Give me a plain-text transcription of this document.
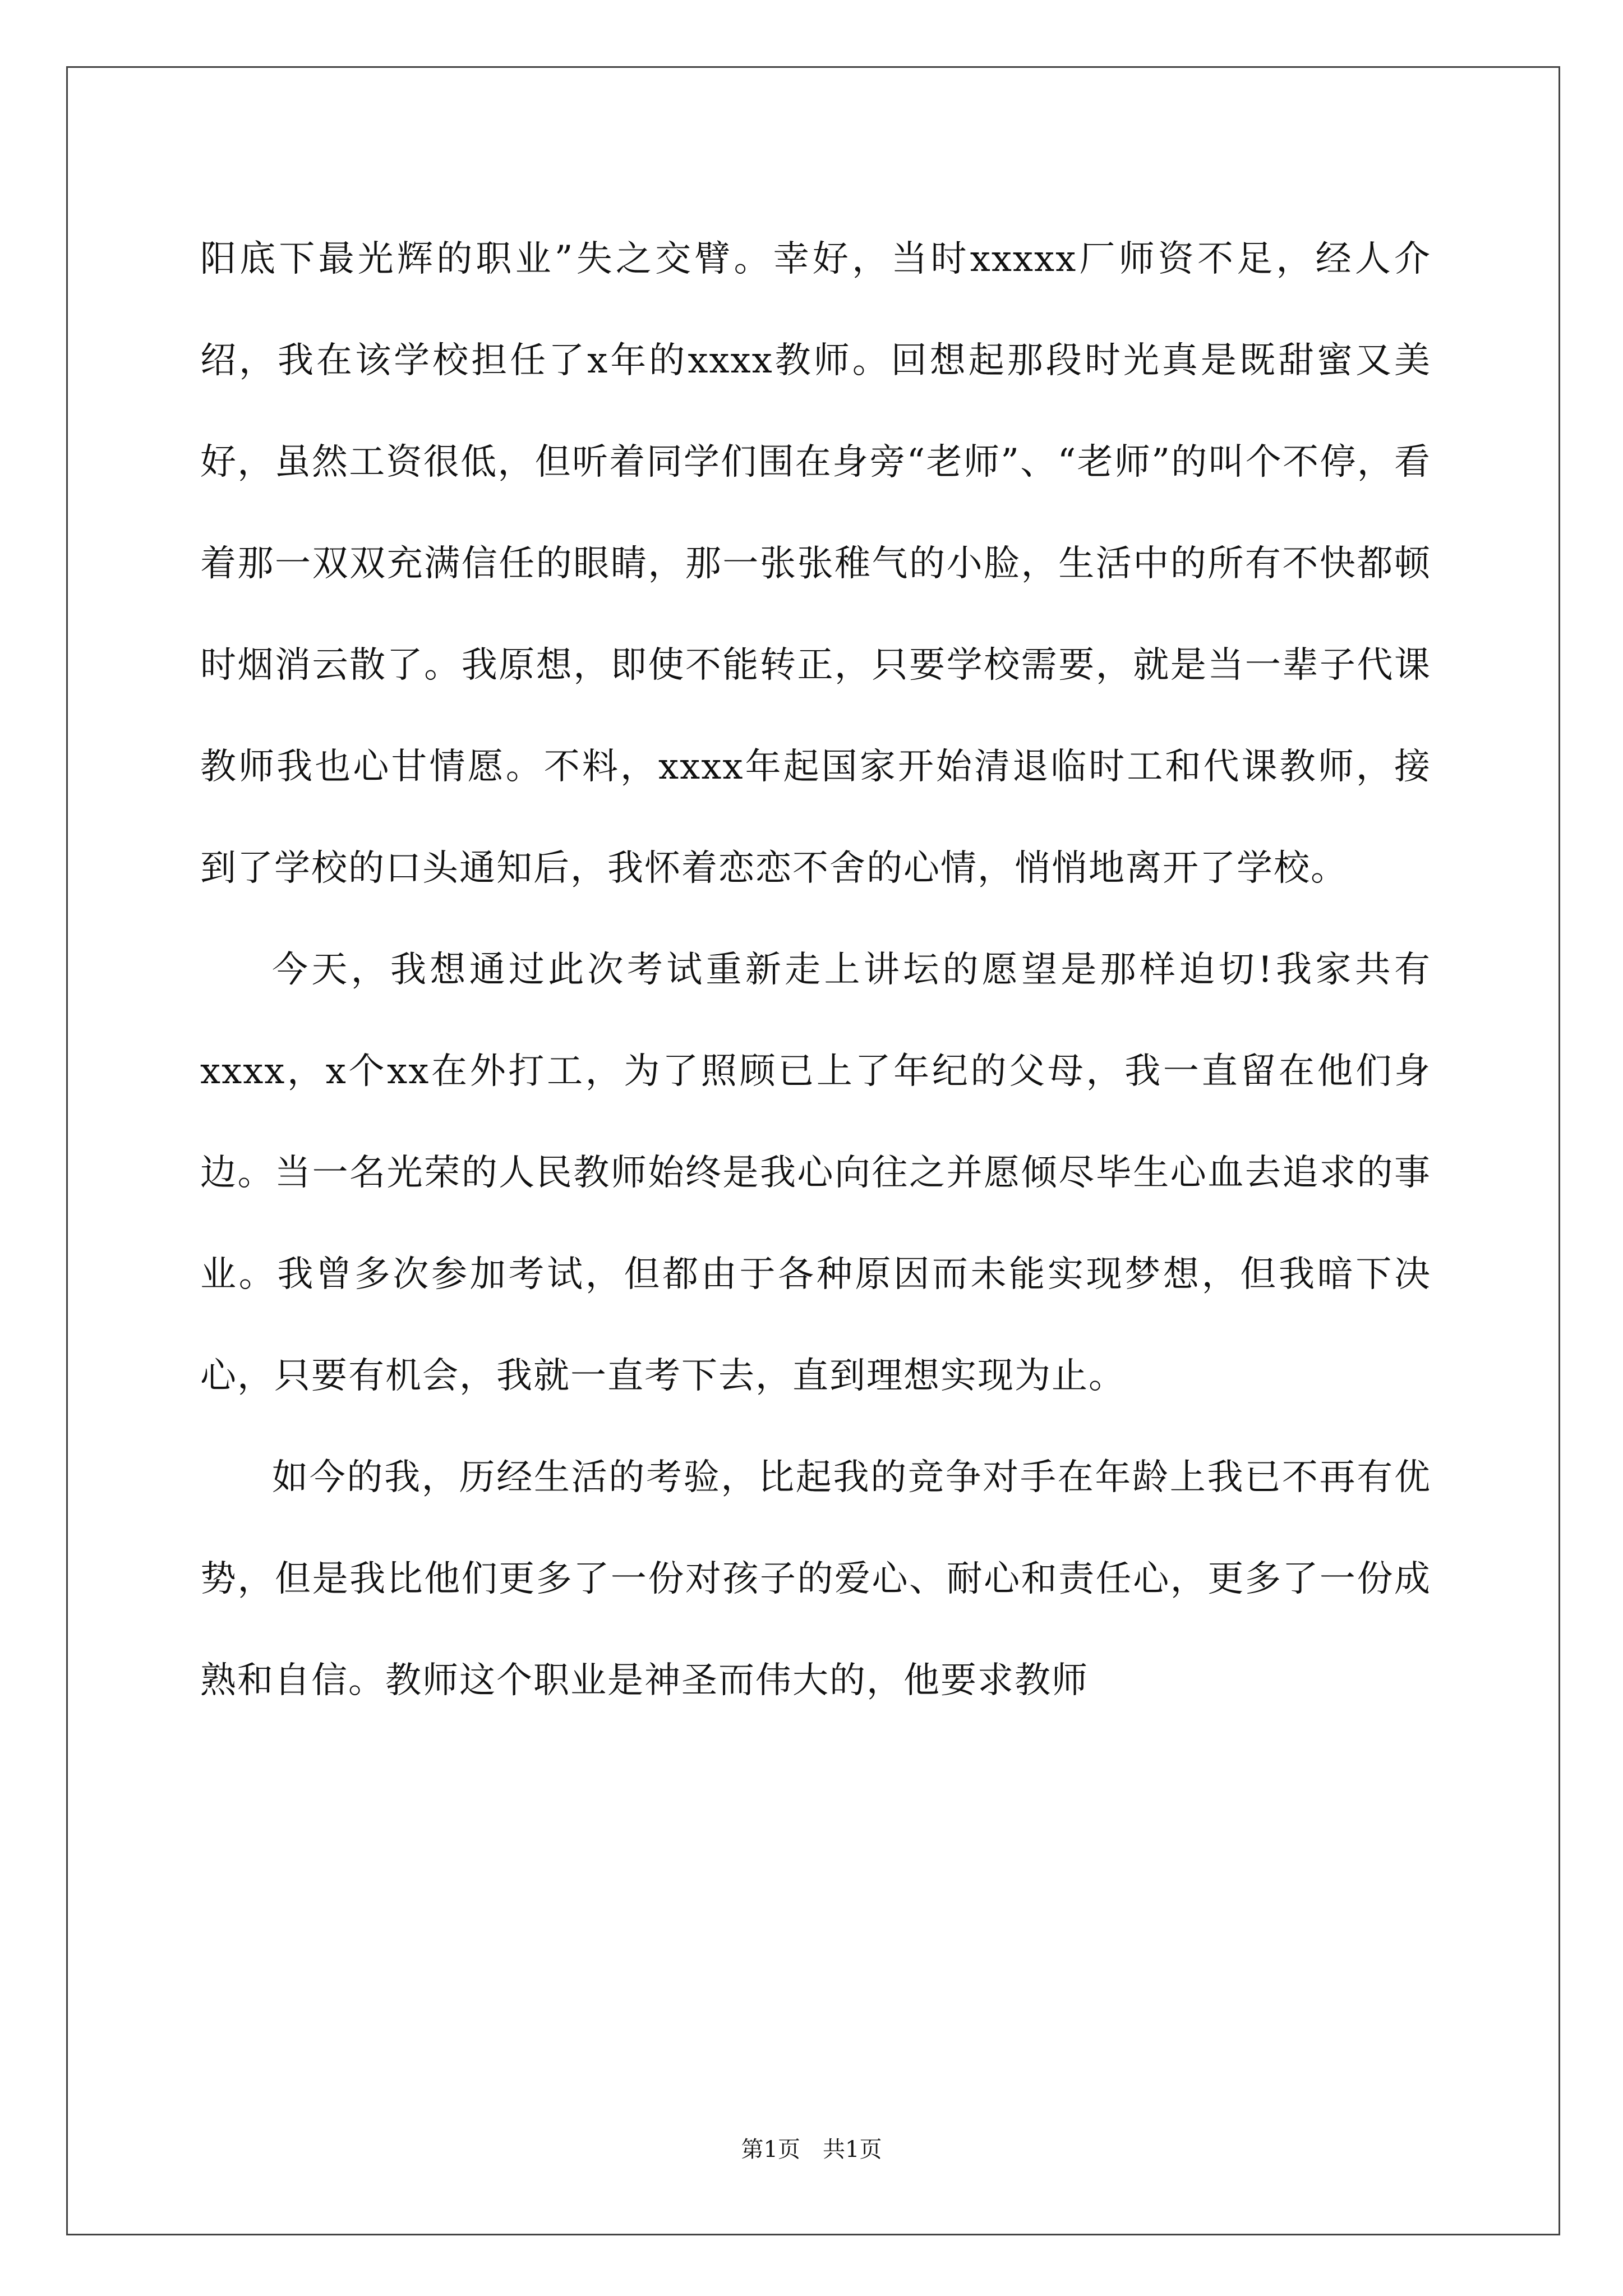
阳底下最光辉的职业”失之交臂。幸好，当时xxxxx厂师资不足，经人介绍，我在该学校担任了x年的xxxx教师。回想起那段时光真是既甜蜜又美好，虽然工资很低，但听着同学们围在身旁“老师”、“老师”的叫个不停，看着那一双双充满信任的眼睛，那一张张稚气的小脸，生活中的所有不快都顿时烟消云散了。我原想，即使不能转正，只要学校需要，就是当一辈子代课教师我也心甘情愿。不料，xxxx年起国家开始清退临时工和代课教师，接到了学校的口头通知后，我怀着恋恋不舍的心情，悄悄地离开了学校。

今天，我想通过此次考试重新走上讲坛的愿望是那样迫切!我家共有xxxx，x个xx在外打工，为了照顾已上了年纪的父母，我一直留在他们身边。当一名光荣的人民教师始终是我心向往之并愿倾尽毕生心血去追求的事业。我曾多次参加考试，但都由于各种原因而未能实现梦想，但我暗下决心，只要有机会，我就一直考下去，直到理想实现为止。

如今的我，历经生活的考验，比起我的竞争对手在年龄上我已不再有优势，但是我比他们更多了一份对孩子的爱心、耐心和责任心，更多了一份成熟和自信。教师这个职业是神圣而伟大的，他要求教师

第1页 共1页
